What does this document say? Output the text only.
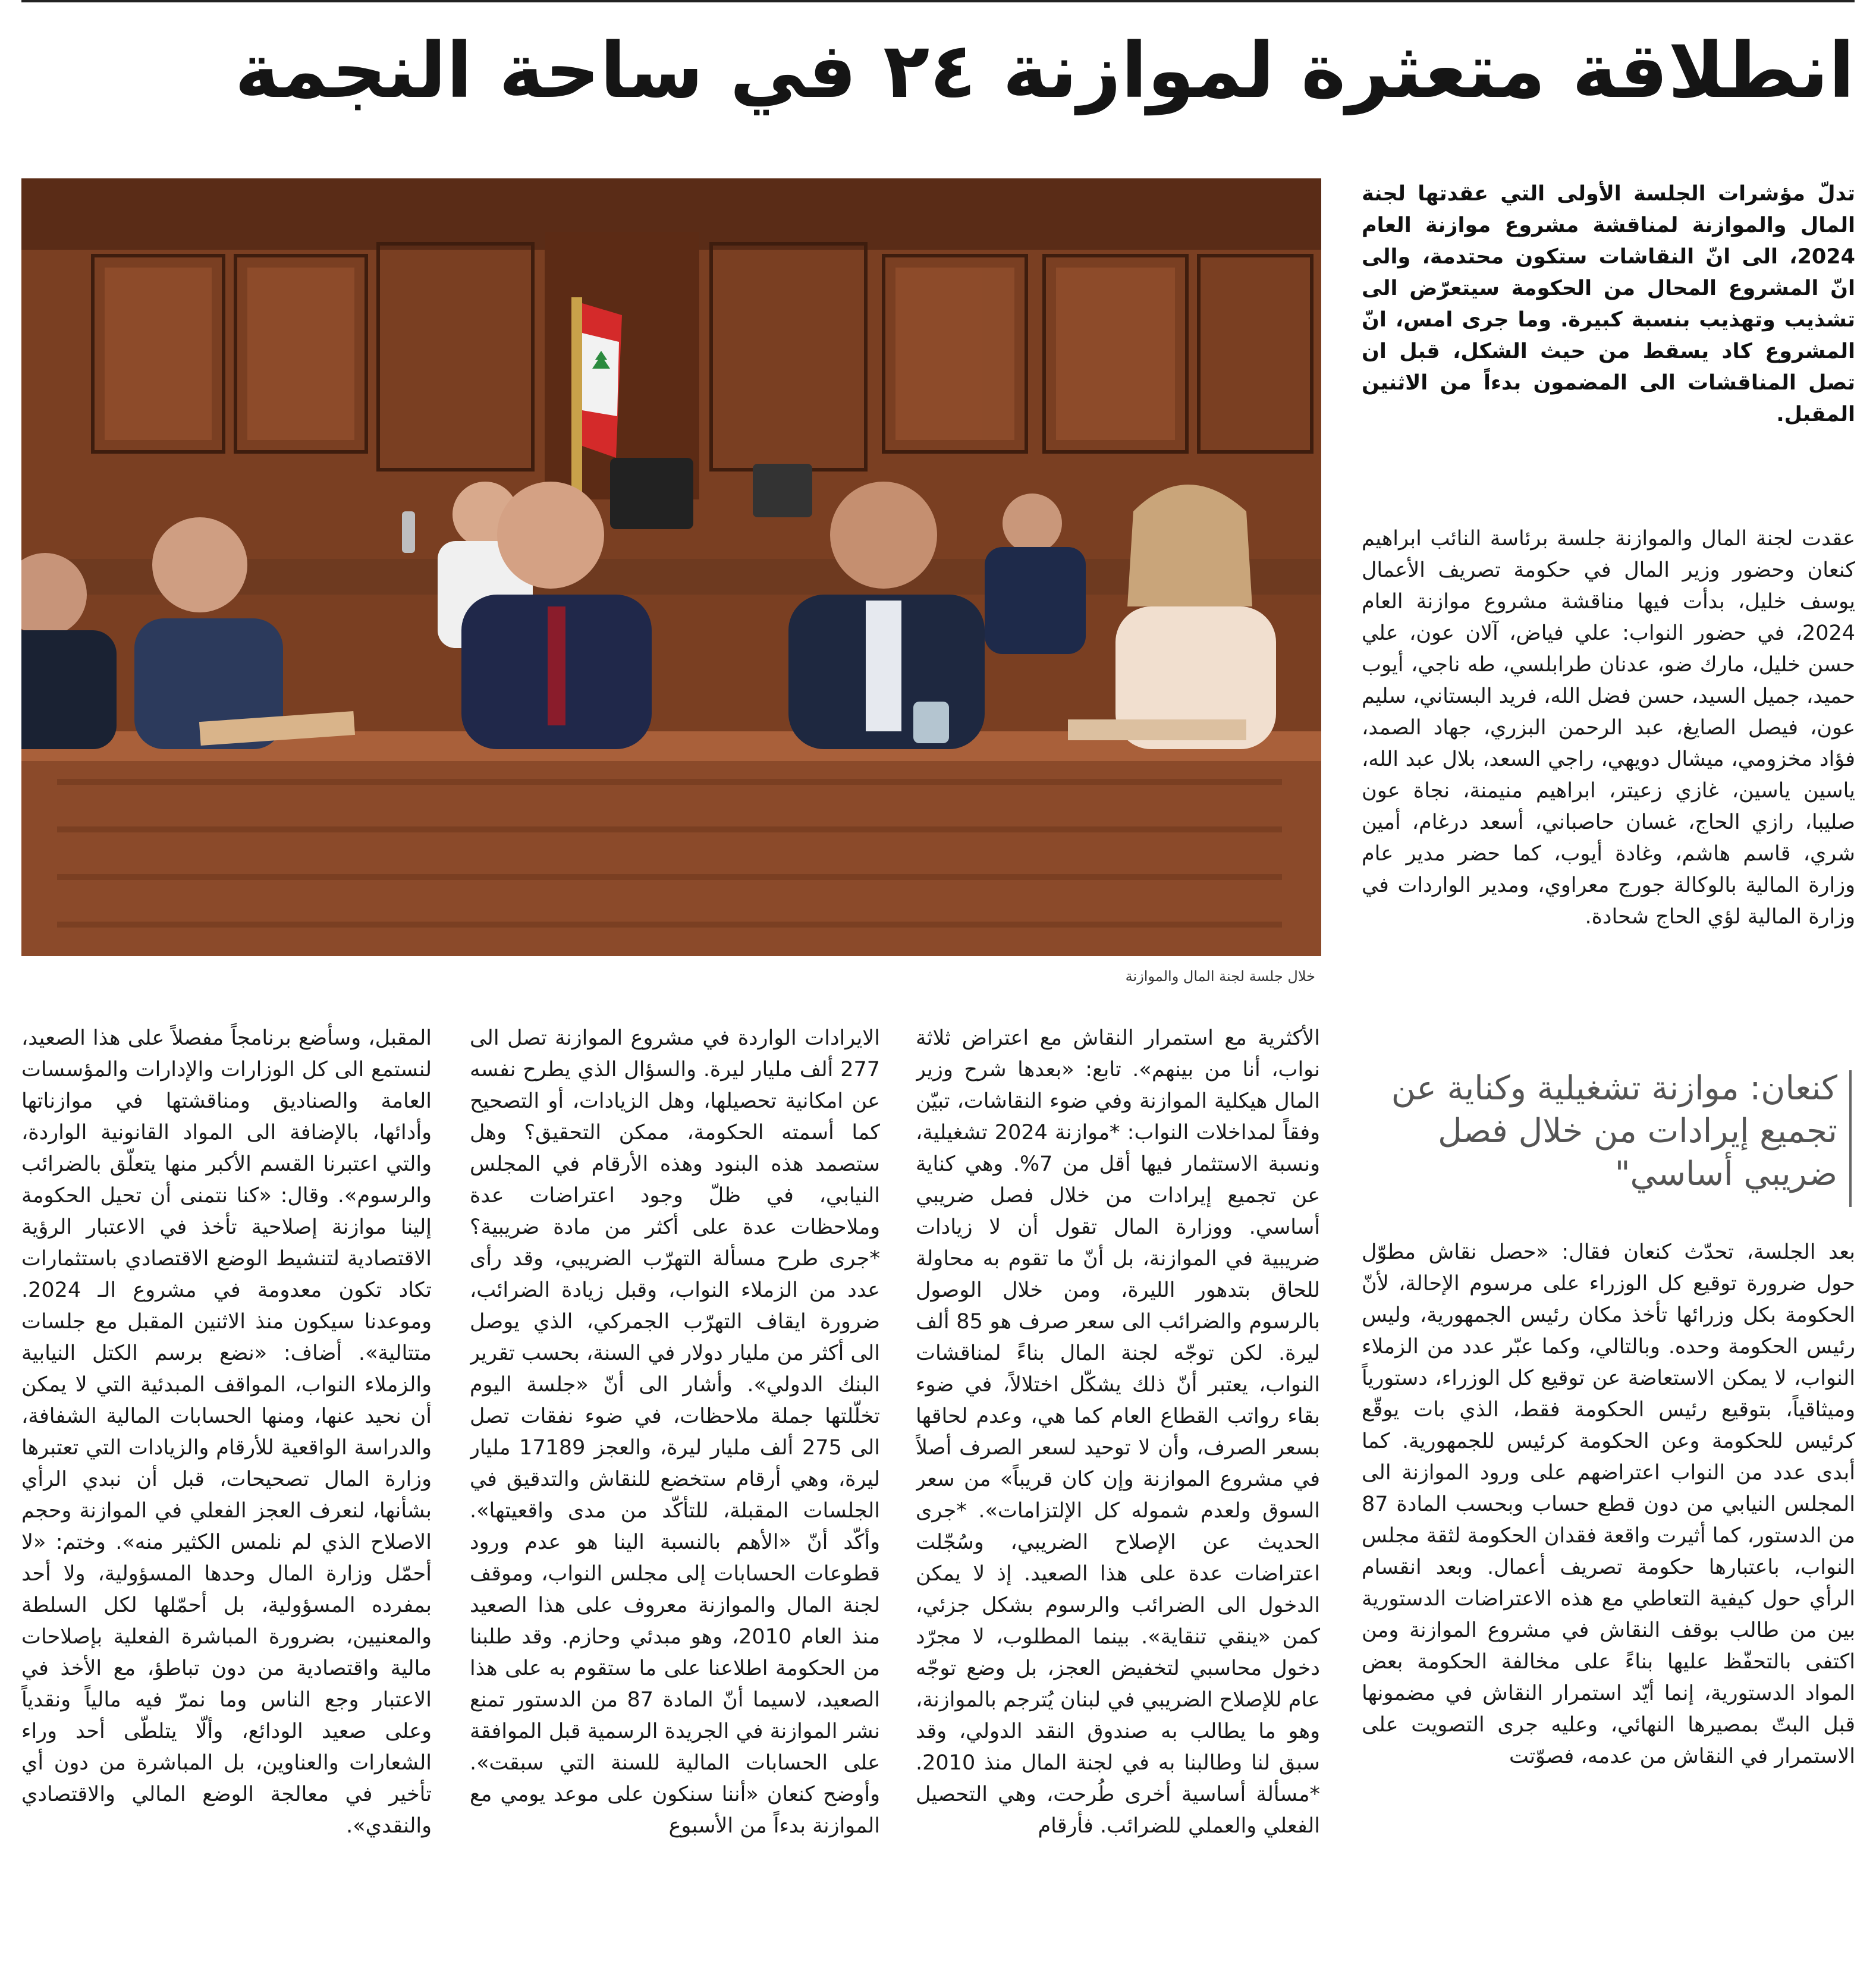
انطلاقة متعثرة لموازنة ٢٤ في ساحة النجمة

تدلّ مؤشرات الجلسة الأولى التي عقدتها لجنة المال والموازنة لمناقشة مشروع موازنة العام 2024، الى انّ النقاشات ستكون محتدمة، والى انّ المشروع المحال من الحكومة سيتعرّض الى تشذيب وتهذيب بنسبة كبيرة. وما جرى امس، انّ المشروع كاد يسقط من حيث الشكل، قبل ان تصل المناقشات الى المضمون بدءاً من الاثنين المقبل.

خلال جلسة لجنة المال والموازنة

عقدت لجنة المال والموازنة جلسة برئاسة النائب ابراهيم كنعان وحضور وزير المال في حكومة تصريف الأعمال يوسف خليل، بدأت فيها مناقشة مشروع موازنة العام 2024، في حضور النواب: علي فياض، آلان عون، علي حسن خليل، مارك ضو، عدنان طرابلسي، طه ناجي، أيوب حميد، جميل السيد، حسن فضل الله، فريد البستاني، سليم عون، فيصل الصايغ، عبد الرحمن البزري، جهاد الصمد، فؤاد مخزومي، ميشال دويهي، راجي السعد، بلال عبد الله، ياسين ياسين، غازي زعيتر، ابراهيم منيمنة، نجاة عون صليبا، رازي الحاج، غسان حاصباني، أسعد درغام، أمين شري، قاسم هاشم، وغادة أيوب، كما حضر مدير عام وزارة المالية بالوكالة جورج معراوي، ومدير الواردات في وزارة المالية لؤي الحاج شحادة.

كنعان: موازنة تشغيلية وكناية عن تجميع إيرادات من خلال فصل ضريبي أساسي"

بعد الجلسة، تحدّث كنعان فقال: «حصل نقاش مطوّل حول ضرورة توقيع كل الوزراء على مرسوم الإحالة، لأنّ الحكومة بكل وزرائها تأخذ مكان رئيس الجمهورية، وليس رئيس الحكومة وحده. وبالتالي، وكما عبّر عدد من الزملاء النواب، لا يمكن الاستعاضة عن توقيع كل الوزراء، دستورياً وميثاقياً، بتوقيع رئيس الحكومة فقط، الذي بات يوقّع كرئيس للحكومة وعن الحكومة كرئيس للجمهورية. كما أبدى عدد من النواب اعتراضهم على ورود الموازنة الى المجلس النيابي من دون قطع حساب وبحسب المادة 87 من الدستور، كما أثيرت واقعة فقدان الحكومة لثقة مجلس النواب، باعتبارها حكومة تصريف أعمال. وبعد انقسام الرأي حول كيفية التعاطي مع هذه الاعتراضات الدستورية بين من طالب بوقف النقاش في مشروع الموازنة ومن اكتفى بالتحفّظ عليها بناءً على مخالفة الحكومة بعض المواد الدستورية، إنما أيّد استمرار النقاش في مضمونها قبل البتّ بمصيرها النهائي، وعليه جرى التصويت على الاستمرار في النقاش من عدمه، فصوّتت

الأكثرية مع استمرار النقاش مع اعتراض ثلاثة نواب، أنا من بينهم». تابع: «بعدها شرح وزير المال هيكلية الموازنة وفي ضوء النقاشات، تبيّن وفقاً لمداخلات النواب: *موازنة 2024 تشغيلية، ونسبة الاستثمار فيها أقل من 7%. وهي كناية عن تجميع إيرادات من خلال فصل ضريبي أساسي. ووزارة المال تقول أن لا زيادات ضريبية في الموازنة، بل أنّ ما تقوم به محاولة للحاق بتدهور الليرة، ومن خلال الوصول بالرسوم والضرائب الى سعر صرف هو 85 ألف ليرة. لكن توجّه لجنة المال بناءً لمناقشات النواب، يعتبر أنّ ذلك يشكّل اختلالاً، في ضوء بقاء رواتب القطاع العام كما هي، وعدم لحاقها بسعر الصرف، وأن لا توحيد لسعر الصرف أصلاً في مشروع الموازنة وإن كان قريباً» من سعر السوق ولعدم شموله كل الإلتزامات». *جرى الحديث عن الإصلاح الضريبي، وسُجّلت اعتراضات عدة على هذا الصعيد. إذ لا يمكن الدخول الى الضرائب والرسوم بشكل جزئي، كمن «ينقي تنقاية». بينما المطلوب، لا مجرّد دخول محاسبي لتخفيض العجز، بل وضع توجّه عام للإصلاح الضريبي في لبنان يُترجم بالموازنة، وهو ما يطالب به صندوق النقد الدولي، وقد سبق لنا وطالبنا به في لجنة المال منذ 2010. *مسألة أساسية أخرى طُرحت، وهي التحصيل الفعلي والعملي للضرائب. فأرقام

الايرادات الواردة في مشروع الموازنة تصل الى 277 ألف مليار ليرة. والسؤال الذي يطرح نفسه عن امكانية تحصيلها، وهل الزيادات، أو التصحيح كما أسمته الحكومة، ممكن التحقيق؟ وهل ستصمد هذه البنود وهذه الأرقام في المجلس النيابي، في ظلّ وجود اعتراضات عدة وملاحظات عدة على أكثر من مادة ضريبية؟ *جرى طرح مسألة التهرّب الضريبي، وقد رأى عدد من الزملاء النواب، وقبل زيادة الضرائب، ضرورة ايقاف التهرّب الجمركي، الذي يوصل الى أكثر من مليار دولار في السنة، بحسب تقرير البنك الدولي». وأشار الى أنّ «جلسة اليوم تخلّلتها جملة ملاحظات، في ضوء نفقات تصل الى 275 ألف مليار ليرة، والعجز 17189 مليار ليرة، وهي أرقام ستخضع للنقاش والتدقيق في الجلسات المقبلة، للتأكّد من مدى واقعيتها». وأكّد أنّ «الأهم بالنسبة الينا هو عدم ورود قطوعات الحسابات إلى مجلس النواب، وموقف لجنة المال والموازنة معروف على هذا الصعيد منذ العام 2010، وهو مبدئي وحازم. وقد طلبنا من الحكومة اطلاعنا على ما ستقوم به على هذا الصعيد، لاسيما أنّ المادة 87 من الدستور تمنع نشر الموازنة في الجريدة الرسمية قبل الموافقة على الحسابات المالية للسنة التي سبقت». وأوضح كنعان «أننا سنكون على موعد يومي مع الموازنة بدءاً من الأسبوع

المقبل، وسأضع برنامجاً مفصلاً على هذا الصعيد، لنستمع الى كل الوزارات والإدارات والمؤسسات العامة والصناديق ومناقشتها في موازناتها وأدائها، بالإضافة الى المواد القانونية الواردة، والتي اعتبرنا القسم الأكبر منها يتعلّق بالضرائب والرسوم». وقال: «كنا نتمنى أن تحيل الحكومة إلينا موازنة إصلاحية تأخذ في الاعتبار الرؤية الاقتصادية لتنشيط الوضع الاقتصادي باستثمارات تكاد تكون معدومة في مشروع الـ 2024. وموعدنا سيكون منذ الاثنين المقبل مع جلسات متتالية». أضاف: «نضع برسم الكتل النيابية والزملاء النواب، المواقف المبدئية التي لا يمكن أن نحيد عنها، ومنها الحسابات المالية الشفافة، والدراسة الواقعية للأرقام والزيادات التي تعتبرها وزارة المال تصحيحات، قبل أن نبدي الرأي بشأنها، لنعرف العجز الفعلي في الموازنة وحجم الاصلاح الذي لم نلمس الكثير منه». وختم: «لا أحمّل وزارة المال وحدها المسؤولية، ولا أحد بمفرده المسؤولية، بل أحمّلها لكل السلطة والمعنيين، بضرورة المباشرة الفعلية بإصلاحات مالية واقتصادية من دون تباطؤ، مع الأخذ في الاعتبار وجع الناس وما نمرّ فيه مالياً ونقدياً وعلى صعيد الودائع، وألّا يتلطّى أحد وراء الشعارات والعناوين، بل المباشرة من دون أي تأخير في معالجة الوضع المالي والاقتصادي والنقدي».
